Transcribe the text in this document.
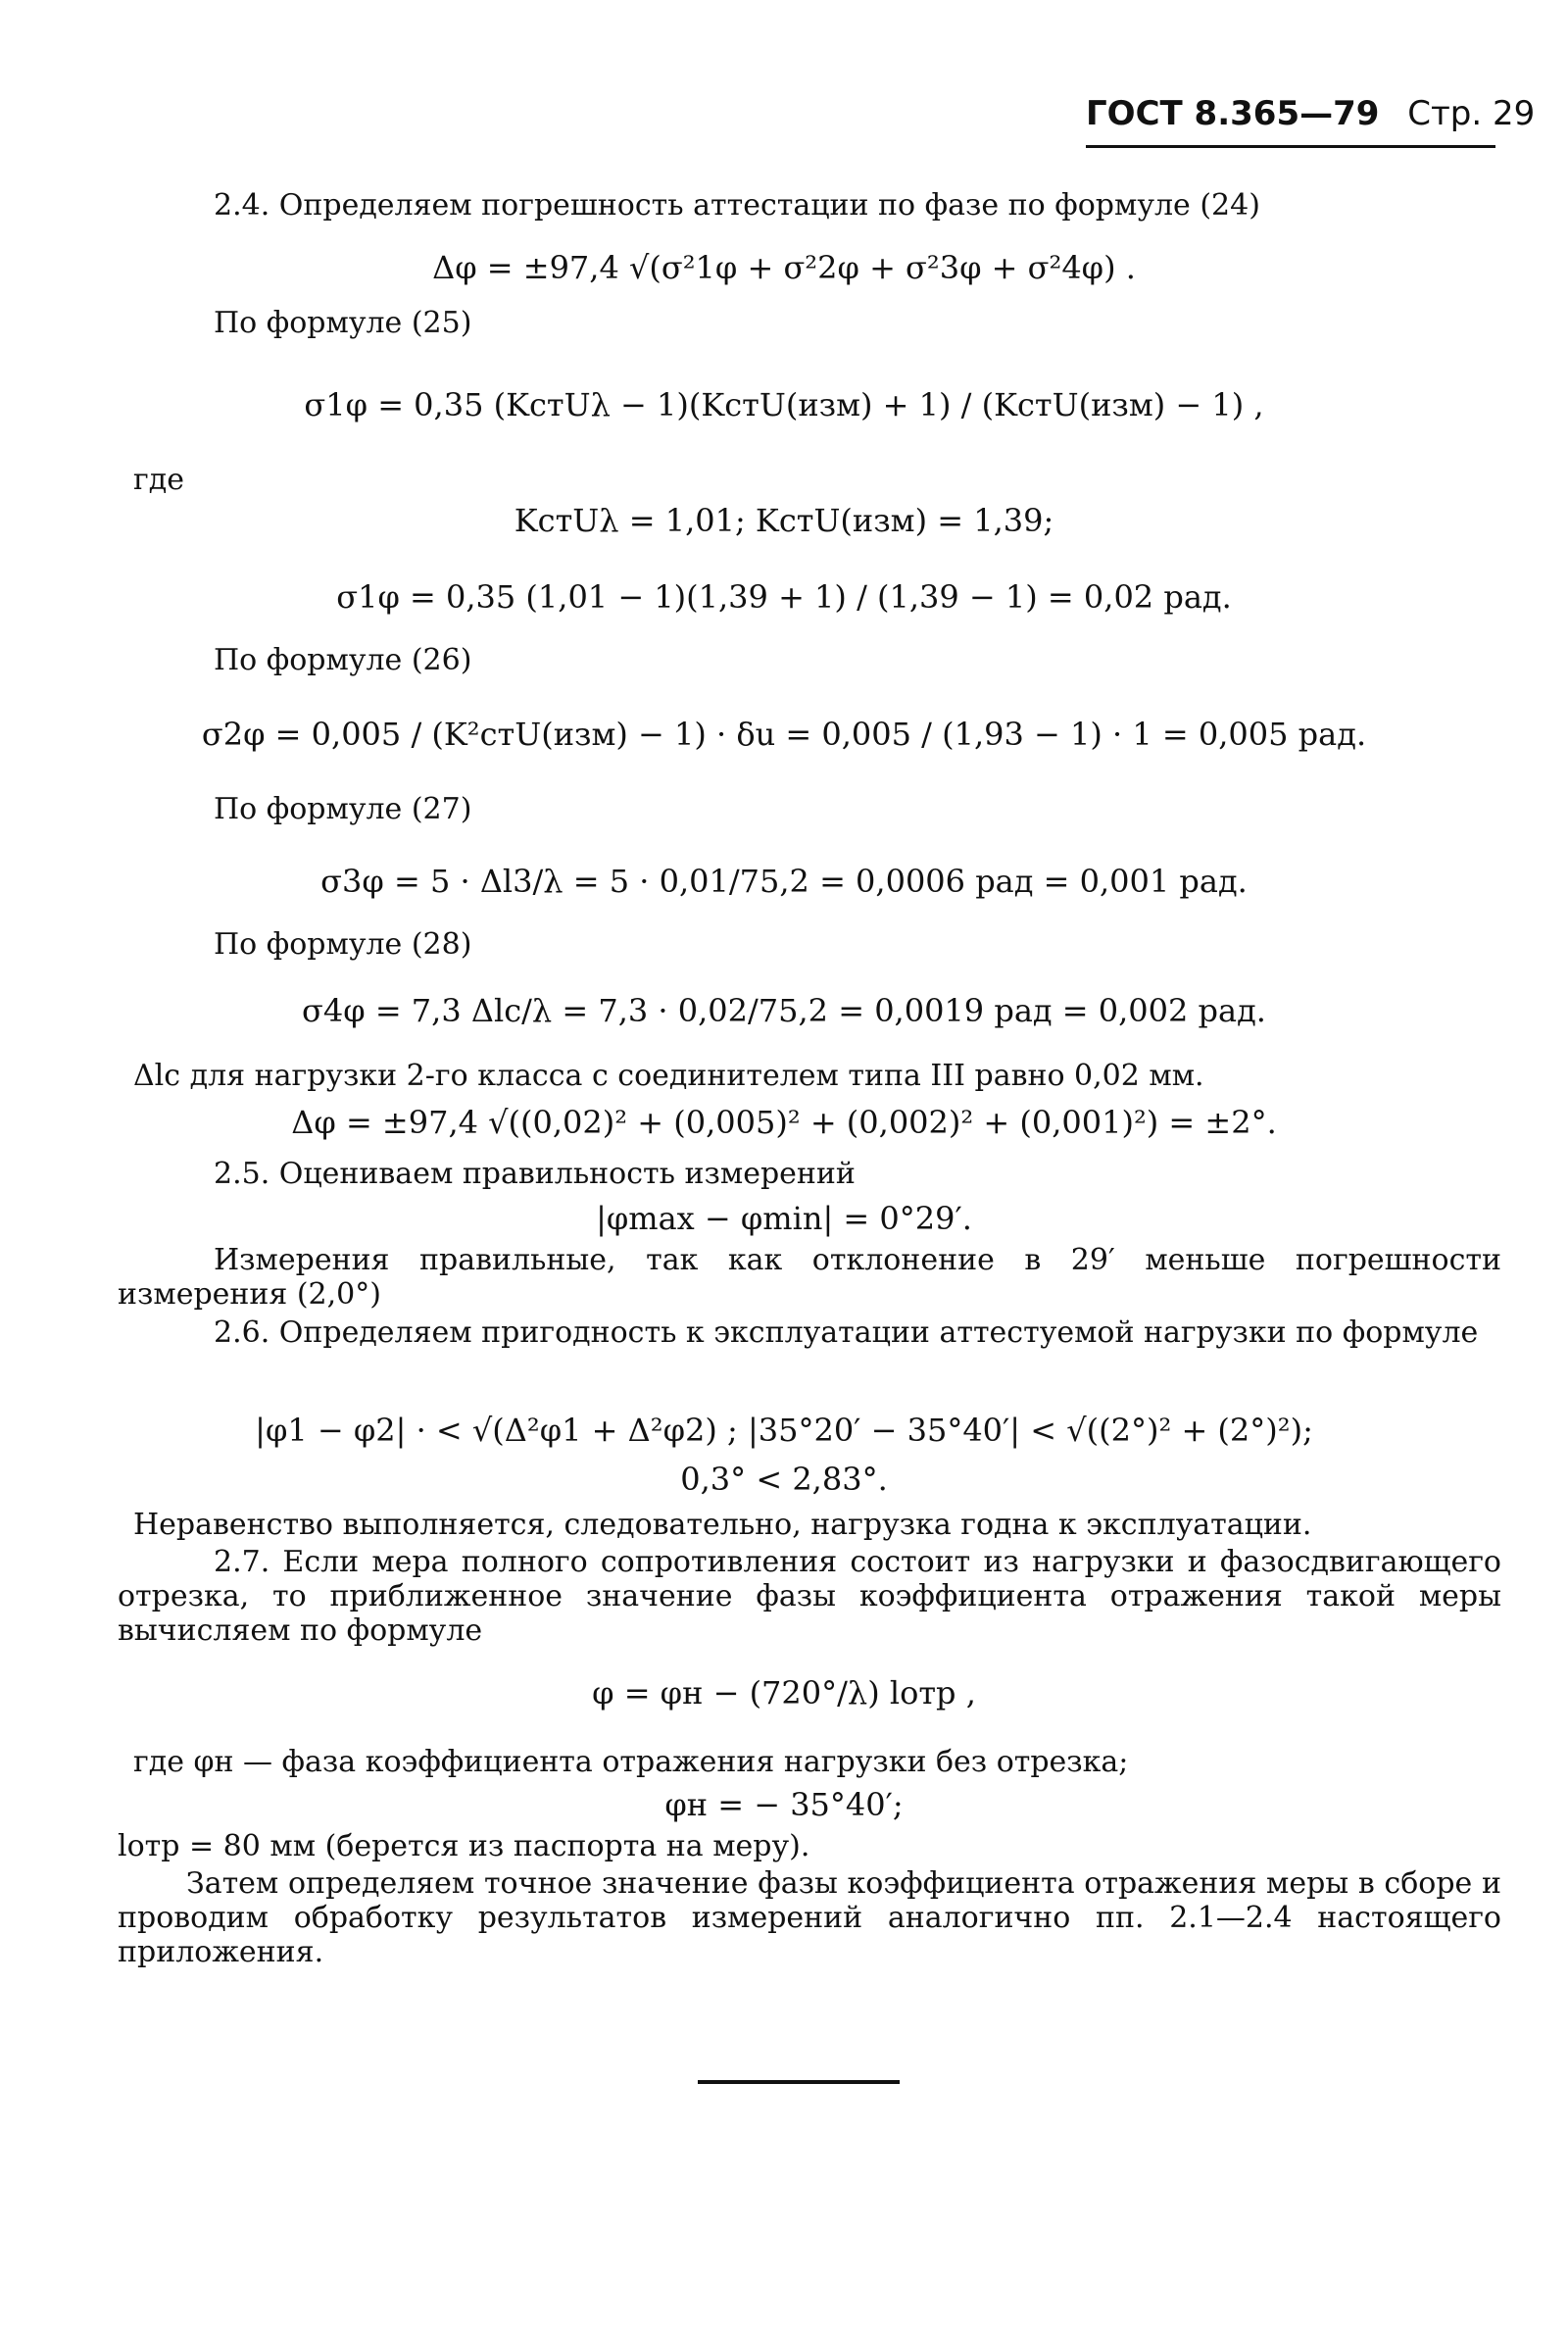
ГОСТ 8.365—79 Стр. 29
2.4. Определяем погрешность аттестации по фазе по формуле (24)
Δφ = ±97,4 √(σ²1φ + σ²2φ + σ²3φ + σ²4φ) .
По формуле (25)
σ1φ = 0,35 (KстUλ − 1)(KстU(изм) + 1) / (KстU(изм) − 1) ,
где
KстUλ = 1,01; KстU(изм) = 1,39;
σ1φ = 0,35 (1,01 − 1)(1,39 + 1) / (1,39 − 1) = 0,02 рад.
По формуле (26)
σ2φ = 0,005 / (K²стU(изм) − 1) · δu = 0,005 / (1,93 − 1) · 1 = 0,005 рад.
По формуле (27)
σ3φ = 5 · Δl3/λ = 5 · 0,01/75,2 = 0,0006 рад = 0,001 рад.
По формуле (28)
σ4φ = 7,3 Δlc/λ = 7,3 · 0,02/75,2 = 0,0019 рад = 0,002 рад.
Δlc для нагрузки 2-го класса с соединителем типа III равно 0,02 мм.
Δφ = ±97,4 √((0,02)² + (0,005)² + (0,002)² + (0,001)²) = ±2°.
2.5. Оцениваем правильность измерений
|φmax − φmin| = 0°29′.
Измерения правильные, так как отклонение в 29′ меньше погрешности измерения (2,0°)
2.6. Определяем пригодность к эксплуатации аттестуемой нагрузки по формуле
|φ1 − φ2| · < √(Δ²φ1 + Δ²φ2) ; |35°20′ − 35°40′| < √((2°)² + (2°)²);
0,3° < 2,83°.
Неравенство выполняется, следовательно, нагрузка годна к эксплуатации.
2.7. Если мера полного сопротивления состоит из нагрузки и фазосдвигающего отрезка, то приближенное значение фазы коэффициента отражения такой меры вычисляем по формуле
φ = φн − (720°/λ) lотр ,
где φн — фаза коэффициента отражения нагрузки без отрезка;
φн = − 35°40′;
lотр = 80 мм (берется из паспорта на меру).
Затем определяем точное значение фазы коэффициента отражения меры в сборе и проводим обработку результатов измерений аналогично пп. 2.1—2.4 настоящего приложения.
